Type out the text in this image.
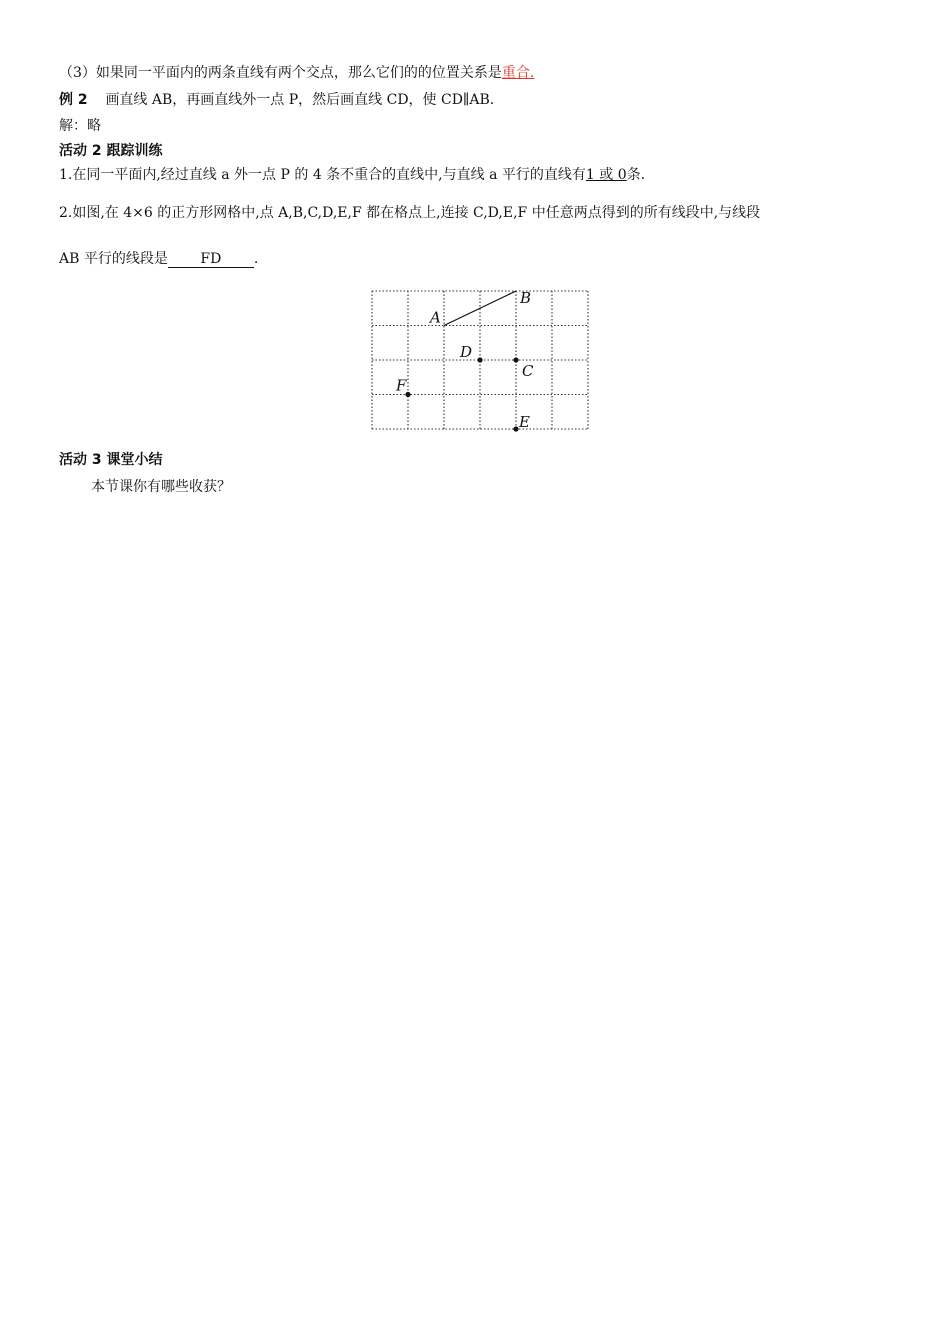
（3）如果同一平面内的两条直线有两个交点，那么它们的的位置关系是重合.
例 2 画直线 AB，再画直线外一点 P，然后画直线 CD，使 CD∥AB.
解：略
活动 2 跟踪训练
1.在同一平面内,经过直线 a 外一点 P 的 4 条不重合的直线中,与直线 a 平行的直线有1 或 0条.
2.如图,在 4×6 的正方形网格中,点 A,B,C,D,E,F 都在格点上,连接 C,D,E,F 中任意两点得到的所有线段中,与线段
AB 平行的线段是 FD .
A
B
C
D
E
F
活动 3 课堂小结
本节课你有哪些收获？
